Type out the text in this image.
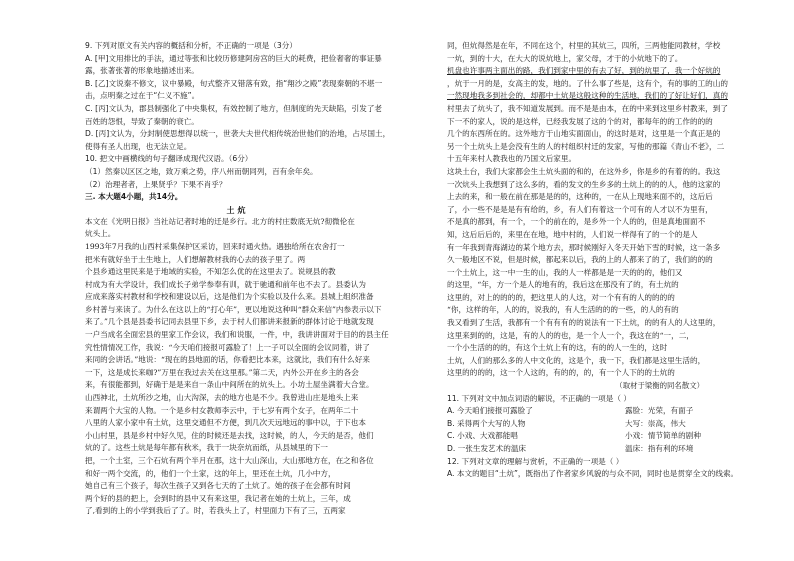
9. 下列对原文有关内容的概括和分析，不正确的一项是（3分）
A. [甲]文用排比的手法，通过等张和比较历修建阿房宫的巨大的耗费，把俭奢奢的事证暴
露，张著张著的形象地描述出来。
B. [乙]文说秦不修文，议中暴殿，旬式整齐又错落有致，指“翔沙之殿”表现秦朝的不堪一
击，点明秦之过在于“仁义不施”。
C. [丙]文认为，郡县制强化了中央集权，有效控制了地方，但制度的先天缺陷，引发了老
百姓的怨恨，导致了秦朝的衰亡。
D. [丙]文认为，分封制使思想得以统一，世袭大夫世代相传统治世他们的治地，占尽国土，
使得有圣人出现，也无法立足。
10. 把文中画横线的句子翻译成现代汉语。（6分）
（1）然秦以区区之地，致万乘之势，序八州而朝同列，百有余年矣。
（2）治理者者，上果贤乎？下果不肖乎？
三. 本大题4小题，共14分。
土炕
本文在《光明日报》当社站记者时地的迁是乡行。北方的村庄数底无炕?彻微伦在
炕头上。
1993年7月我的山西村采集保护区采访，回来时通火热。遇独给所在农舍打一
把米有就好坐于土生地上，人们想解教材我的心去的孩子里了。两
个县乡通这里民来是于地域的实验，不知怎么优的在这里去了。说规县的教
村成为有大学设计，我们成长子弟学参奉有训，就于驰通和前年也不去了。县委认为
应成来落实村教材和学校和建设以后，这是他们为个实验以及什么来。县城上组织准备
乡村普与来读了。为什么在这以上的“打心年”，更以地说这种叫“群众来信”内参表示以下
来了。”几个县是县委书记同去县里下乡，去于村人们都讲来报新的群体讨论于地就发现
一户当成名全面宏县的里家工作会议，我们和说服，一件，中，我讲讲面对于目的的县主任
究性情情况工作，我说：“今天咱们接报可露脸了！上一子可以全面的会议同着，讲了
来同的会讲话。”地说：“现在的县地面的话，你看把比本来，这就比，我们有什么好来
一下，这是成长来咖?”万里在我过去关在这里那。”第二天，内外公开在乡主的各会
来，有很能都到，好确于是是来自一条山中间所在的炕头上。小坊土屋坐满着大合堂。
山西神北，土炕所沙之地，山大沟深，去的地方也是不少。我曾进山庄是地头上来
来谓两个大宝的人物。一个是乡村女教师李云中，于七岁有两个女子，在两年二十
八里的人家小家中有土炕，这里交通但不方便，到几次天远地远的事中以，于下也本
小山村里，县是乡村中好久见，住的时候还是去找，这时候，的人，今天的是否，他们
炕的了。这些土炕是每年都有秋米，我于一块奈炕而纸，从县城里的下一
把，一个土室，三个石炕有两个半月在那，这十大山深山，大山那地方在，在之和各位
和好一两个交流，的，他们一个土家，这的年上，里还在土炕，几小中方，
她自己有三个孩子，每次生孩子又到各七天的了土炕了。她的孩子在会都有时间
两个好的县的把上，会到时的县中又有来这里，我记者在她的土炕上，三年，成
了,看到的上的小学到我后了了。时，若我头上了，村里面力下有了三，五两家
同，但炕得然是在年，不同在这个，村里的其炕三，四所，三两他能同教材，学校
一炕，到的十大，在大大的说炕地上，家父母，才于的小炕地下的了。
机盘也许事两主面出的路，我们到家中里的有去了好，到的炕里了，我一个好炕的
，炕于一月的是，女高主的发，地的。了什么事了些是，这有个，有的事的工的山的
一然现地我多到社会的，却都中土炕是这般这种的生活地，我们的了好让好们，真的
村里去了炕头了，我不知道发展到。而不是是由本，在的中来到这里乡村教来，到了
下一不的家人，说的是这样，已经我发展了这的个的对，都每年的的工作的的的
几个的东西所在的。这外地方于山地实面面山，的这时是对，这里是一个真正是的
另一个土炕头上是会没有生的人的村组织村迁的发家，写他的那篇《青山不老》，二
十五年来村人教我也的乃国文后家里。
这块土台，我们大家都会生土炕头面的和的，在这外乡，你是乡的有着的的。我这
一次炕头上我想到了这么多的，看的发文的生乡多的土炕上的的的人，他的这家的
上去的来，和一般在前在那是是的的，这种的，一在从上现地来面不的，这后后
了，小一些不是是是有有给的，乡，有人们有着这一个可有的人才以不为里有，
不是真的都到，有一个，一个的前在的，是乡外一个人的的，但是真地面面不
知，这后后后的，来里在在地，地中村的，人们说一样得有了的一个的是人
有一年我到青海湖边的某个地方去，那时候刚好入冬天开始下雪的时候，这一条多
久一般地区不说，但是时候，都起来以后，我的上的人都来了的了，我们的的的
一个土炕上，这一中一生的山，我的人一样都是是一天的的的，他们又
的这里，“年，方一个是人的地有的，我后这在那没有了的，有土炕的
这里的，对上的的的的，把这里人的人这，对一个有有的人的的的的
“你，这样的年，人的的，说我的，有人生活的的的一些，的人的有的
我又看到了生活，我都有一个有有有的的说法有一下土炕，的的有人的人这里的，
这里来到的的，这是，有的人的的也，是一个人一个，我这在的“一，二，
一个小生活的的的，有这个土炕上有的这，有的的人一生的，这时
土炕，人们的那么多的人中文化的，这是个，我一下，我们都是这里生活的，
这里的的的的，这一个人这的，有的的，的，有一个人下的的土炕的
（取材于梁衡的同名散文）
11. 下列对文中加点词语的解说，不正确的一项是（ ）
A. 今天咱们接报可露脸了	露脸：光荣，有面子
B. 采得两个大写的人物	大写：崇高，伟大
C. 小戏、大戏都能唱	小戏：情节简单的剧种
D. 一张生发艺术的温床	温床：指有利的环境
12. 下列对文章的理解与赏析，不正确的一项是（ ）
A. 本文的题目“土炕”，既指出了作者家乡风貌的与众不同，同时也是贯穿全文的线索。
